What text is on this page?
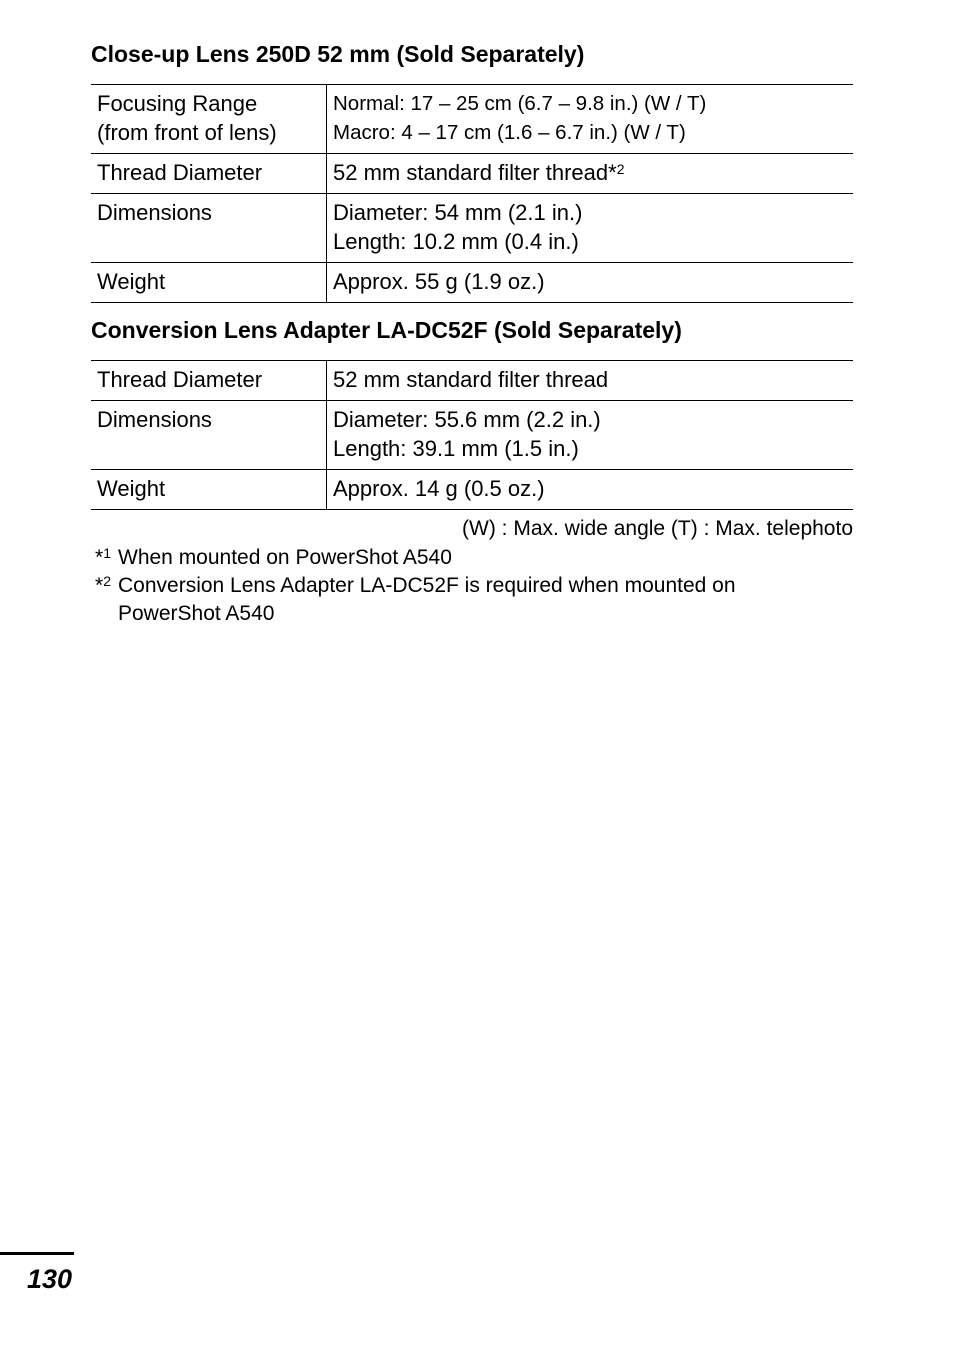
Close-up Lens 250D 52 mm (Sold Separately)
Focusing Range
(from front of lens)	Normal: 17 – 25 cm (6.7 – 9.8 in.) (W / T)
Macro: 4 – 17 cm (1.6 – 6.7 in.) (W / T)

Thread Diameter	52 mm standard filter thread*$^2$

Dimensions	Diameter: 54 mm (2.1 in.)
Length: 10.2 mm (0.4 in.)

Weight	Approx. 55 g (1.9 oz.)
Conversion Lens Adapter LA-DC52F (Sold Separately)
Thread Diameter	52 mm standard filter thread

Dimensions	Diameter: 55.6 mm (2.2 in.)
Length: 39.1 mm (1.5 in.)

Weight	Approx. 14 g (0.5 oz.)
(W) : Max. wide angle (T) : Max. telephoto
*$^1$ When mounted on PowerShot A540
*$^2$ Conversion Lens Adapter LA-DC52F is required when mounted on
PowerShot A540
130
